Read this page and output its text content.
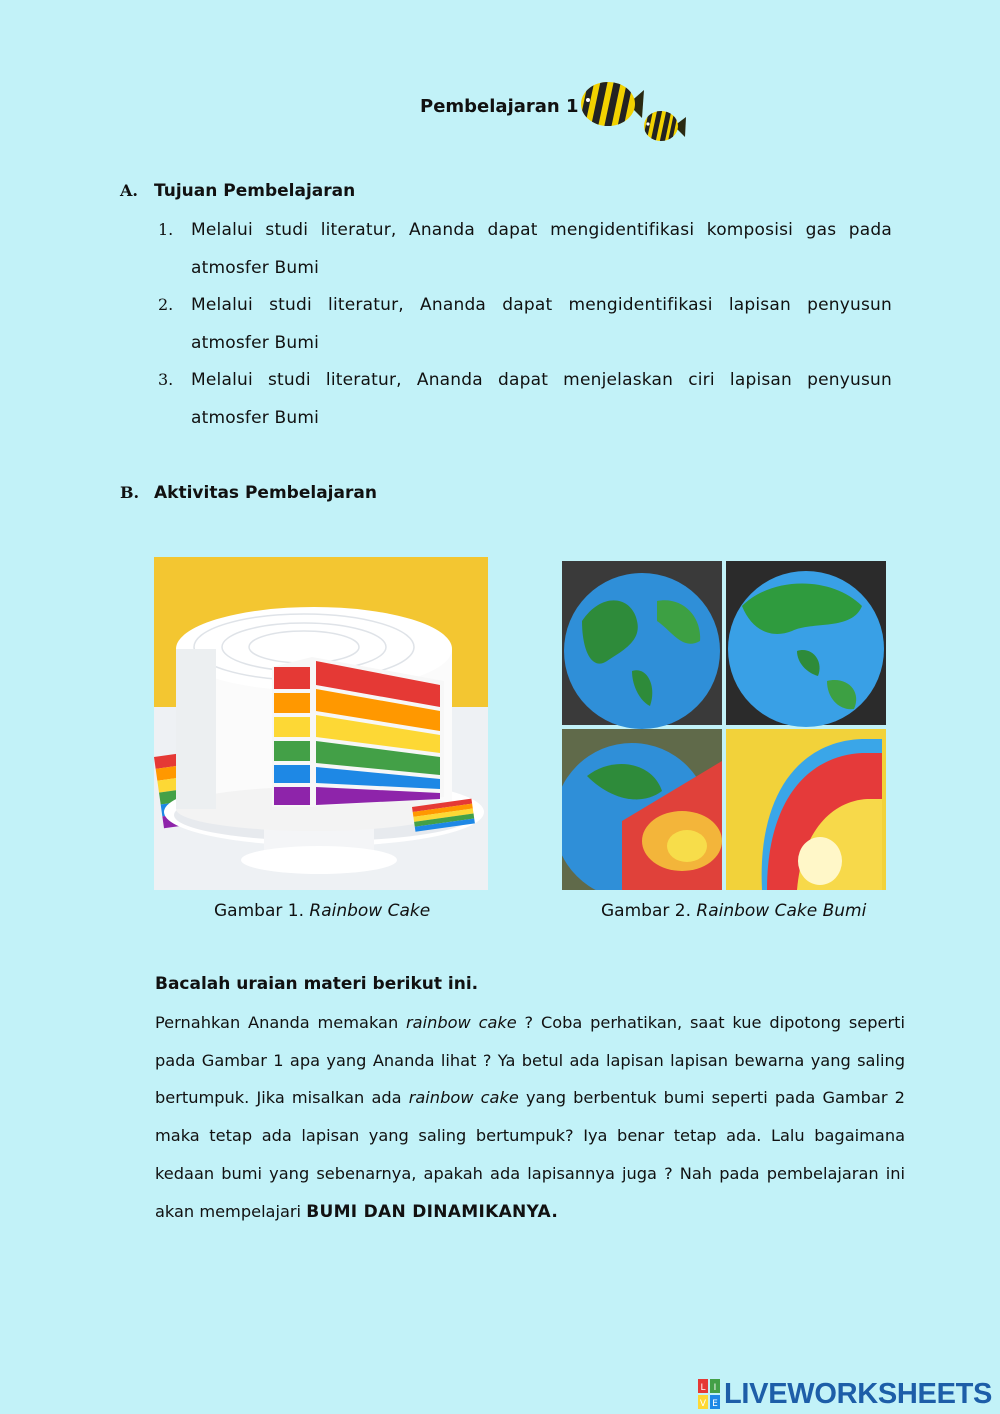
Pembelajaran 1
A. Tujuan Pembelajaran
1. Melalui studi literatur, Ananda dapat mengidentifikasi komposisi gas pada atmosfer Bumi
2. Melalui studi literatur, Ananda dapat mengidentifikasi lapisan penyusun atmosfer Bumi
3. Melalui studi literatur, Ananda dapat menjelaskan ciri lapisan penyusun atmosfer Bumi
B. Aktivitas Pembelajaran
Gambar 1. Rainbow Cake	Gambar 2. Rainbow Cake Bumi
Bacalah uraian materi berikut ini.
Pernahkan Ananda memakan rainbow cake ? Coba perhatikan, saat kue dipotong seperti pada Gambar 1 apa yang Ananda lihat ? Ya betul ada lapisan lapisan bewarna yang saling bertumpuk. Jika misalkan ada rainbow cake yang berbentuk bumi seperti pada Gambar 2 maka tetap ada lapisan yang saling bertumpuk? Iya benar tetap ada. Lalu bagaimana kedaan bumi yang sebenarnya, apakah ada lapisannya juga ? Nah pada pembelajaran ini akan mempelajari BUMI DAN DINAMIKANYA.
L I
V E LIVEWORKSHEETS
